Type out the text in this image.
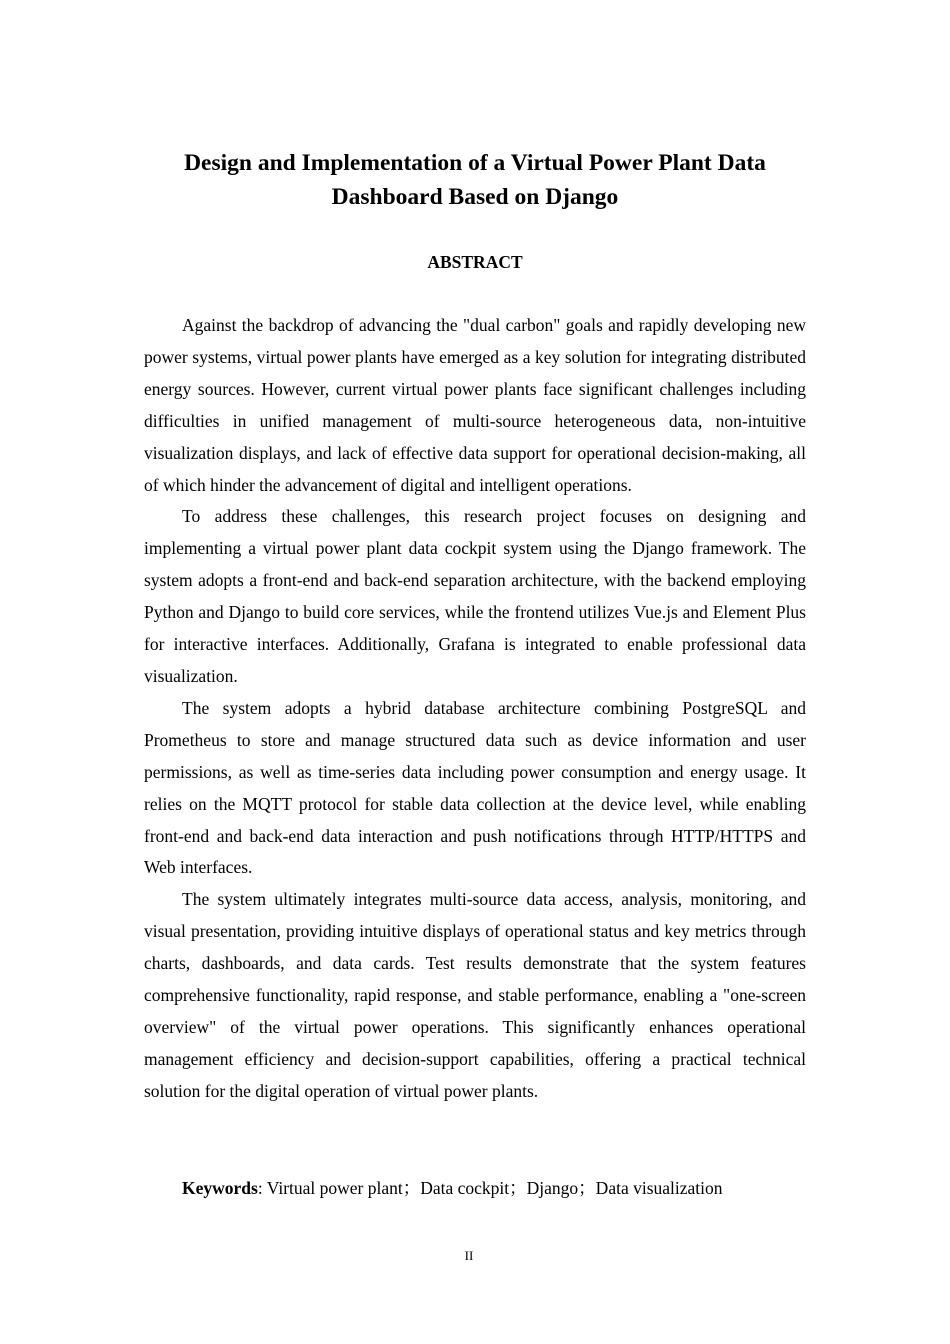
Design and Implementation of a Virtual Power Plant Data
Dashboard Based on Django
ABSTRACT

Against the backdrop of advancing the "dual carbon" goals and rapidly developing new power systems, virtual power plants have emerged as a key solution for integrating distributed energy sources. However, current virtual power plants face significant challenges including difficulties in unified management of multi-source heterogeneous data, non-intuitive visualization displays, and lack of effective data support for operational decision-making, all of which hinder the advancement of digital and intelligent operations.

To address these challenges, this research project focuses on designing and implementing a virtual power plant data cockpit system using the Django framework. The system adopts a front-end and back-end separation architecture, with the backend employing Python and Django to build core services, while the frontend utilizes Vue.js and Element Plus for interactive interfaces. Additionally, Grafana is integrated to enable professional data visualization.

The system adopts a hybrid database architecture combining PostgreSQL and Prometheus to store and manage structured data such as device information and user permissions, as well as time-series data including power consumption and energy usage. It relies on the MQTT protocol for stable data collection at the device level, while enabling front-end and back-end data interaction and push notifications through HTTP/HTTPS and Web interfaces.

The system ultimately integrates multi-source data access, analysis, monitoring, and visual presentation, providing intuitive displays of operational status and key metrics through charts, dashboards, and data cards. Test results demonstrate that the system features comprehensive functionality, rapid response, and stable performance, enabling a "one-screen overview" of the virtual power operations. This significantly enhances operational management efficiency and decision-support capabilities, offering a practical technical solution for the digital operation of virtual power plants.

Keywords: Virtual power plant；Data cockpit；Django；Data visualization

II
